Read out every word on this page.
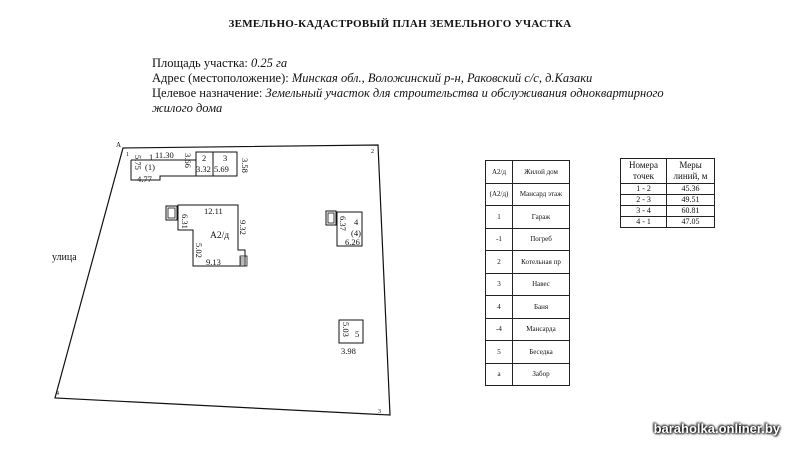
ЗЕМЕЛЬНО-КАДАСТРОВЫЙ ПЛАН ЗЕМЕЛЬНОГО УЧАСТКА
Площадь участка: 0.25 га
Адрес (местоположение): Минская обл., Воложинский р-н, Раковский с/с, д.Казаки
Целевое назначение: Земельный участок для строительства и обслуживания одноквартирного
жилого дома
А
1	2
3
4
улица
11.30
1
(1)
4.77
5.75	3.66 2
3.32
3
5.69 3.58
12.11
6.31	9.32
А2/д
5.02
9.13
4
(4)
6.37
6.26
5
5.03
3.98
А2/д	Жилой дом
(А2/д)	Мансард этаж
1	Гараж
-1	Погреб
2	Котельная пр
3	Навес
4	Баня
-4	Мансарда
5	Беседка
а	Забор
Номера точек	Меры линий, м
1 - 2	45.36
2 - 3	49.51
3 - 4	60.81
4 - 1	47.05
baraholka.onliner.by
